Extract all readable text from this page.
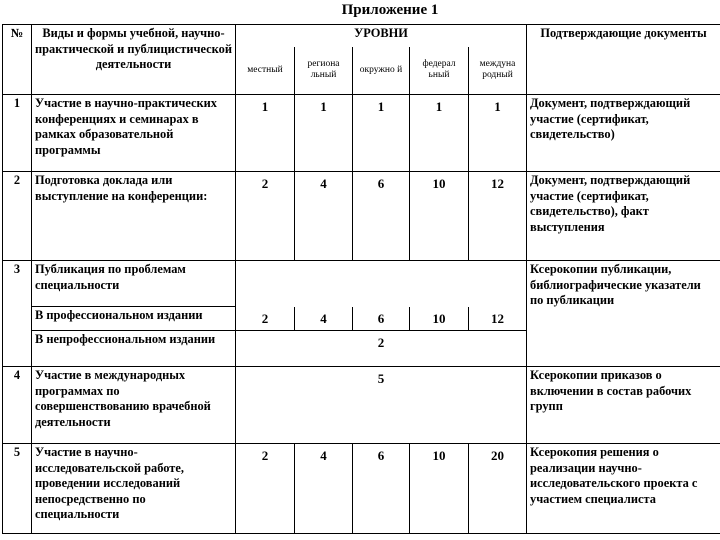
Приложение 1
№	Виды и формы учебной, научно-практической и публицистической деятельности	УРОВНИ					Подтверждающие документы
		местный	регионa льный	окружно й	федерал ьный	междуна родный	
1	Участие в научно-практических конференциях и семинарах в рамках образовательной программы	1	1	1	1	1	Документ, подтверждающий участие (сертификат, свидетельство)
2	Подготовка доклада или выступление на конференции:	2	4	6	10	12	Документ, подтверждающий участие (сертификат, свидетельство), факт выступления
3	Публикация по проблемам специальности						Ксерокопии публикации, библиографические указатели по публикации
	В профессиональном издании	2	4	6	10	12	
	В непрофессиональном издании	2					
4	Участие в международных программах по совершенствованию врачебной деятельности	5					Ксерокопии приказов о включении в состав рабочих групп
5	Участие в научно-исследовательской работе, проведении исследований непосредственно по специальности	2	4	6	10	20	Ксерокопия решения о реализации научно-исследовательского проекта с участием специалиста
